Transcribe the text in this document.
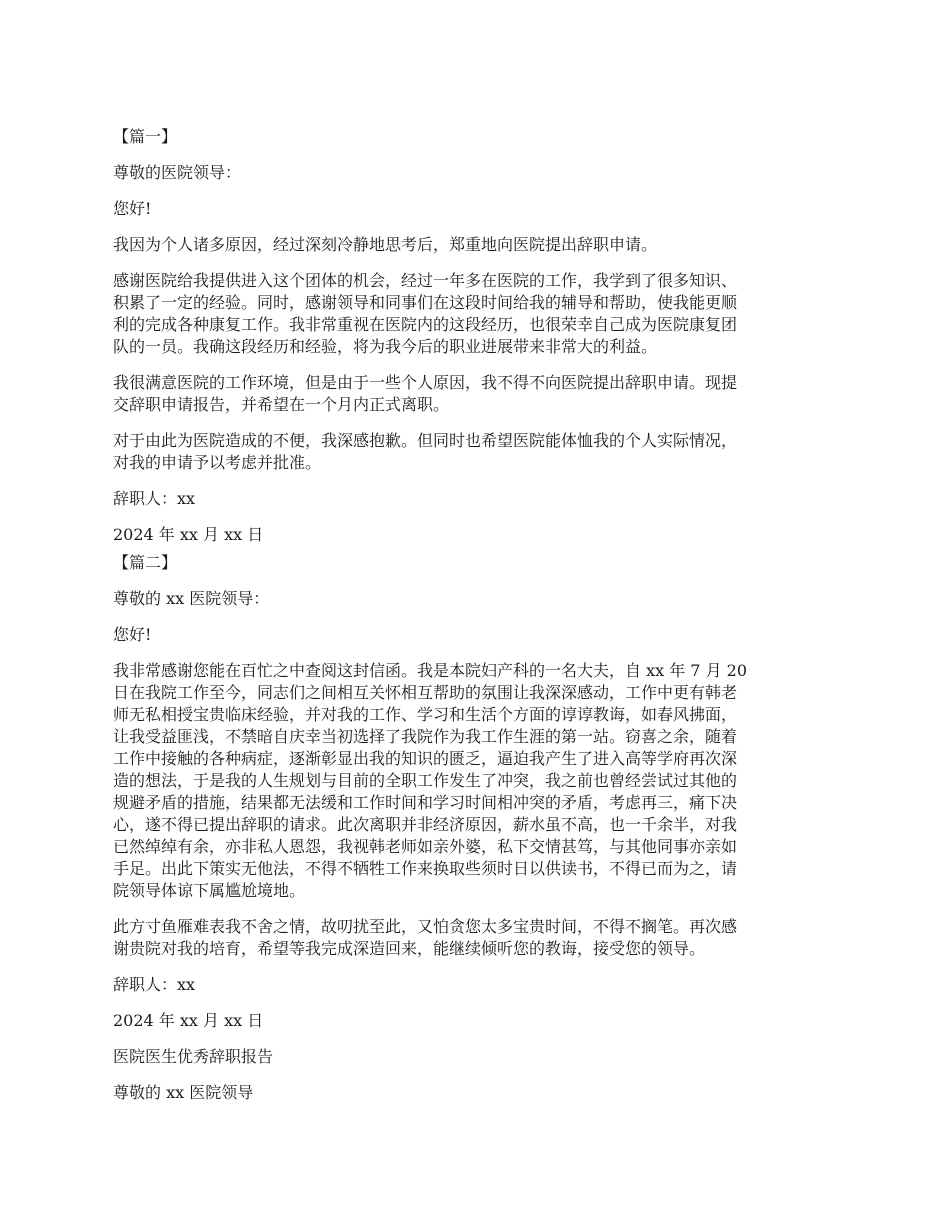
【篇一】

尊敬的医院领导：

您好!

我因为个人诸多原因，经过深刻冷静地思考后，郑重地向医院提出辞职申请。

感谢医院给我提供进入这个团体的机会，经过一年多在医院的工作，我学到了很多知识、

积累了一定的经验。同时，感谢领导和同事们在这段时间给我的辅导和帮助，使我能更顺

利的完成各种康复工作。我非常重视在医院内的这段经历，也很荣幸自己成为医院康复团

队的一员。我确这段经历和经验，将为我今后的职业进展带来非常大的利益。

我很满意医院的工作环境，但是由于一些个人原因，我不得不向医院提出辞职申请。现提

交辞职申请报告，并希望在一个月内正式离职。

对于由此为医院造成的不便，我深感抱歉。但同时也希望医院能体恤我的个人实际情况，

对我的申请予以考虑并批准。

辞职人：xx

2024 年 xx 月 xx 日

【篇二】

尊敬的 xx 医院领导：

您好!

我非常感谢您能在百忙之中查阅这封信函。我是本院妇产科的一名大夫，自 xx 年 7 月 20

日在我院工作至今，同志们之间相互关怀相互帮助的氛围让我深深感动，工作中更有韩老

师无私相授宝贵临床经验，并对我的工作、学习和生活个方面的谆谆教诲，如春风拂面，

让我受益匪浅，不禁暗自庆幸当初选择了我院作为我工作生涯的第一站。窃喜之余，随着

工作中接触的各种病症，逐渐彰显出我的知识的匮乏，逼迫我产生了进入高等学府再次深

造的想法，于是我的人生规划与目前的全职工作发生了冲突，我之前也曾经尝试过其他的

规避矛盾的措施，结果都无法缓和工作时间和学习时间相冲突的矛盾，考虑再三，痛下决

心，遂不得已提出辞职的请求。此次离职并非经济原因，薪水虽不高，也一千余半，对我

已然绰绰有余，亦非私人恩怨，我视韩老师如亲外婆，私下交情甚笃，与其他同事亦亲如

手足。出此下策实无他法，不得不牺牲工作来换取些须时日以供读书，不得已而为之，请

院领导体谅下属尴尬境地。

此方寸鱼雁难表我不舍之情，故叨扰至此，又怕贪您太多宝贵时间，不得不搁笔。再次感

谢贵院对我的培育，希望等我完成深造回来，能继续倾听您的教诲，接受您的领导。

辞职人：xx

2024 年 xx 月 xx 日

医院医生优秀辞职报告

尊敬的 xx 医院领导
